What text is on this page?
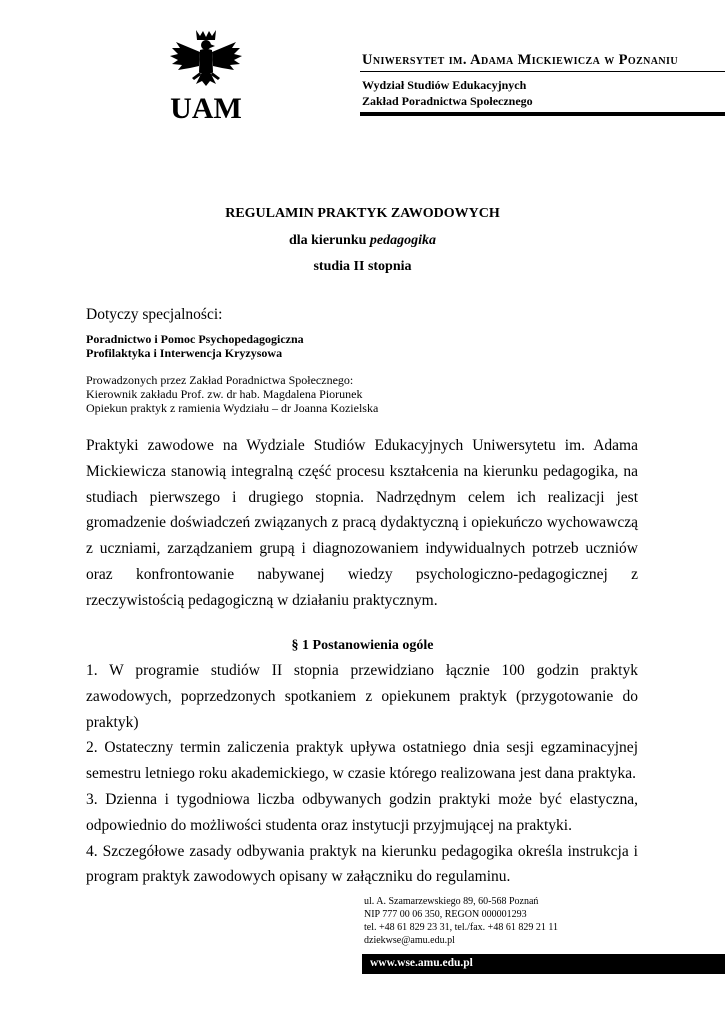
UAM
Uniwersytet im. Adama Mickiewicza w Poznaniu
Wydział Studiów Edukacyjnych
Zakład Poradnictwa Społecznego
REGULAMIN PRAKTYK ZAWODOWYCH
dla kierunku pedagogika
studia II stopnia
Dotyczy specjalności:
Poradnictwo i Pomoc Psychopedagogiczna
Profilaktyka i Interwencja Kryzysowa
Prowadzonych przez Zakład Poradnictwa Społecznego:
Kierownik zakładu Prof. zw. dr hab. Magdalena Piorunek
Opiekun praktyk z ramienia Wydziału – dr Joanna Kozielska

Praktyki zawodowe na Wydziale Studiów Edukacyjnych Uniwersytetu im. Adama Mickiewicza stanowią integralną część procesu kształcenia na kierunku pedagogika, na studiach pierwszego i drugiego stopnia. Nadrzędnym celem ich realizacji jest gromadzenie doświadczeń związanych z pracą dydaktyczną i opiekuńczo wychowawczą z uczniami, zarządzaniem grupą i diagnozowaniem indywidualnych potrzeb uczniów oraz konfrontowanie nabywanej wiedzy psychologiczno-pedagogicznej z rzeczywistością pedagogiczną w działaniu praktycznym.

§ 1 Postanowienia ogóle

1. W programie studiów II stopnia przewidziano łącznie 100 godzin praktyk zawodowych, poprzedzonych spotkaniem z opiekunem praktyk (przygotowanie do praktyk)

2. Ostateczny termin zaliczenia praktyk upływa ostatniego dnia sesji egzaminacyjnej semestru letniego roku akademickiego, w czasie którego realizowana jest dana praktyka.

3. Dzienna i tygodniowa liczba odbywanych godzin praktyki może być elastyczna, odpowiednio do możliwości studenta oraz instytucji przyjmującej na praktyki.

4. Szczegółowe zasady odbywania praktyk na kierunku pedagogika określa instrukcja i program praktyk zawodowych opisany w załączniku do regulaminu.

ul. A. Szamarzewskiego 89, 60-568 Poznań
NIP 777 00 06 350, REGON 000001293
tel. +48 61 829 23 31, tel./fax. +48 61 829 21 11
dziekwse@amu.edu.pl
www.wse.amu.edu.pl
